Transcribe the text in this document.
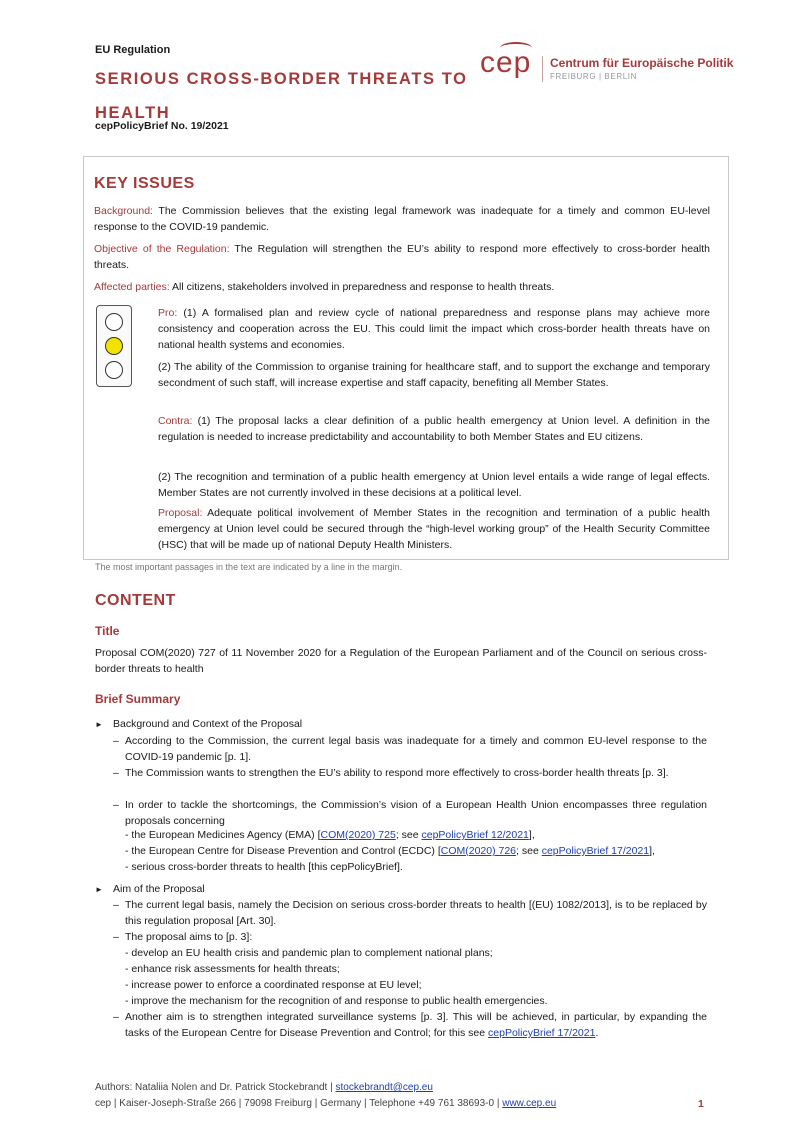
EU Regulation
SERIOUS CROSS-BORDER THREATS TO HEALTH
cepPolicyBrief No. 19/2021
cep Centrum für Europäische Politik
FREIBURG | BERLIN
KEY ISSUES
Background: The Commission believes that the existing legal framework was inadequate for a timely and common EU-level response to the COVID-19 pandemic.
Objective of the Regulation: The Regulation will strengthen the EU’s ability to respond more effectively to cross-border health threats.
Affected parties: All citizens, stakeholders involved in preparedness and response to health threats.
Pro: (1) A formalised plan and review cycle of national preparedness and response plans may achieve more consistency and cooperation across the EU. This could limit the impact which cross-border health threats have on national health systems and economies.
(2) The ability of the Commission to organise training for healthcare staff, and to support the exchange and temporary secondment of such staff, will increase expertise and staff capacity, benefiting all Member States.
Contra: (1) The proposal lacks a clear definition of a public health emergency at Union level. A definition in the regulation is needed to increase predictability and accountability to both Member States and EU citizens.
(2) The recognition and termination of a public health emergency at Union level entails a wide range of legal effects. Member States are not currently involved in these decisions at a political level.
Proposal: Adequate political involvement of Member States in the recognition and termination of a public health emergency at Union level could be secured through the “high-level working group” of the Health Security Committee (HSC) that will be made up of national Deputy Health Ministers.
The most important passages in the text are indicated by a line in the margin.
CONTENT
Title
Proposal COM(2020) 727 of 11 November 2020 for a Regulation of the European Parliament and of the Council on serious cross-border threats to health
Brief Summary
► Background and Context of the Proposal
– According to the Commission, the current legal basis was inadequate for a timely and common EU-level response to the COVID-19 pandemic [p. 1].
– The Commission wants to strengthen the EU’s ability to respond more effectively to cross-border health threats [p. 3].
– In order to tackle the shortcomings, the Commission’s vision of a European Health Union encompasses three regulation proposals concerning
- the European Medicines Agency (EMA) [COM(2020) 725; see cepPolicyBrief 12/2021],
- the European Centre for Disease Prevention and Control (ECDC) [COM(2020) 726; see cepPolicyBrief 17/2021],
- serious cross-border threats to health [this cepPolicyBrief].
► Aim of the Proposal
– The current legal basis, namely the Decision on serious cross-border threats to health [(EU) 1082/2013], is to be replaced by this regulation proposal [Art. 30].
– The proposal aims to [p. 3]:
- develop an EU health crisis and pandemic plan to complement national plans;
- enhance risk assessments for health threats;
- increase power to enforce a coordinated response at EU level;
- improve the mechanism for the recognition of and response to public health emergencies.
– Another aim is to strengthen integrated surveillance systems [p. 3]. This will be achieved, in particular, by expanding the tasks of the European Centre for Disease Prevention and Control; for this see cepPolicyBrief 17/2021.
Authors: Nataliia Nolen and Dr. Patrick Stockebrandt | stockebrandt@cep.eu
cep | Kaiser-Joseph-Straße 266 | 79098 Freiburg | Germany | Telephone +49 761 38693-0 | www.cep.eu	1
